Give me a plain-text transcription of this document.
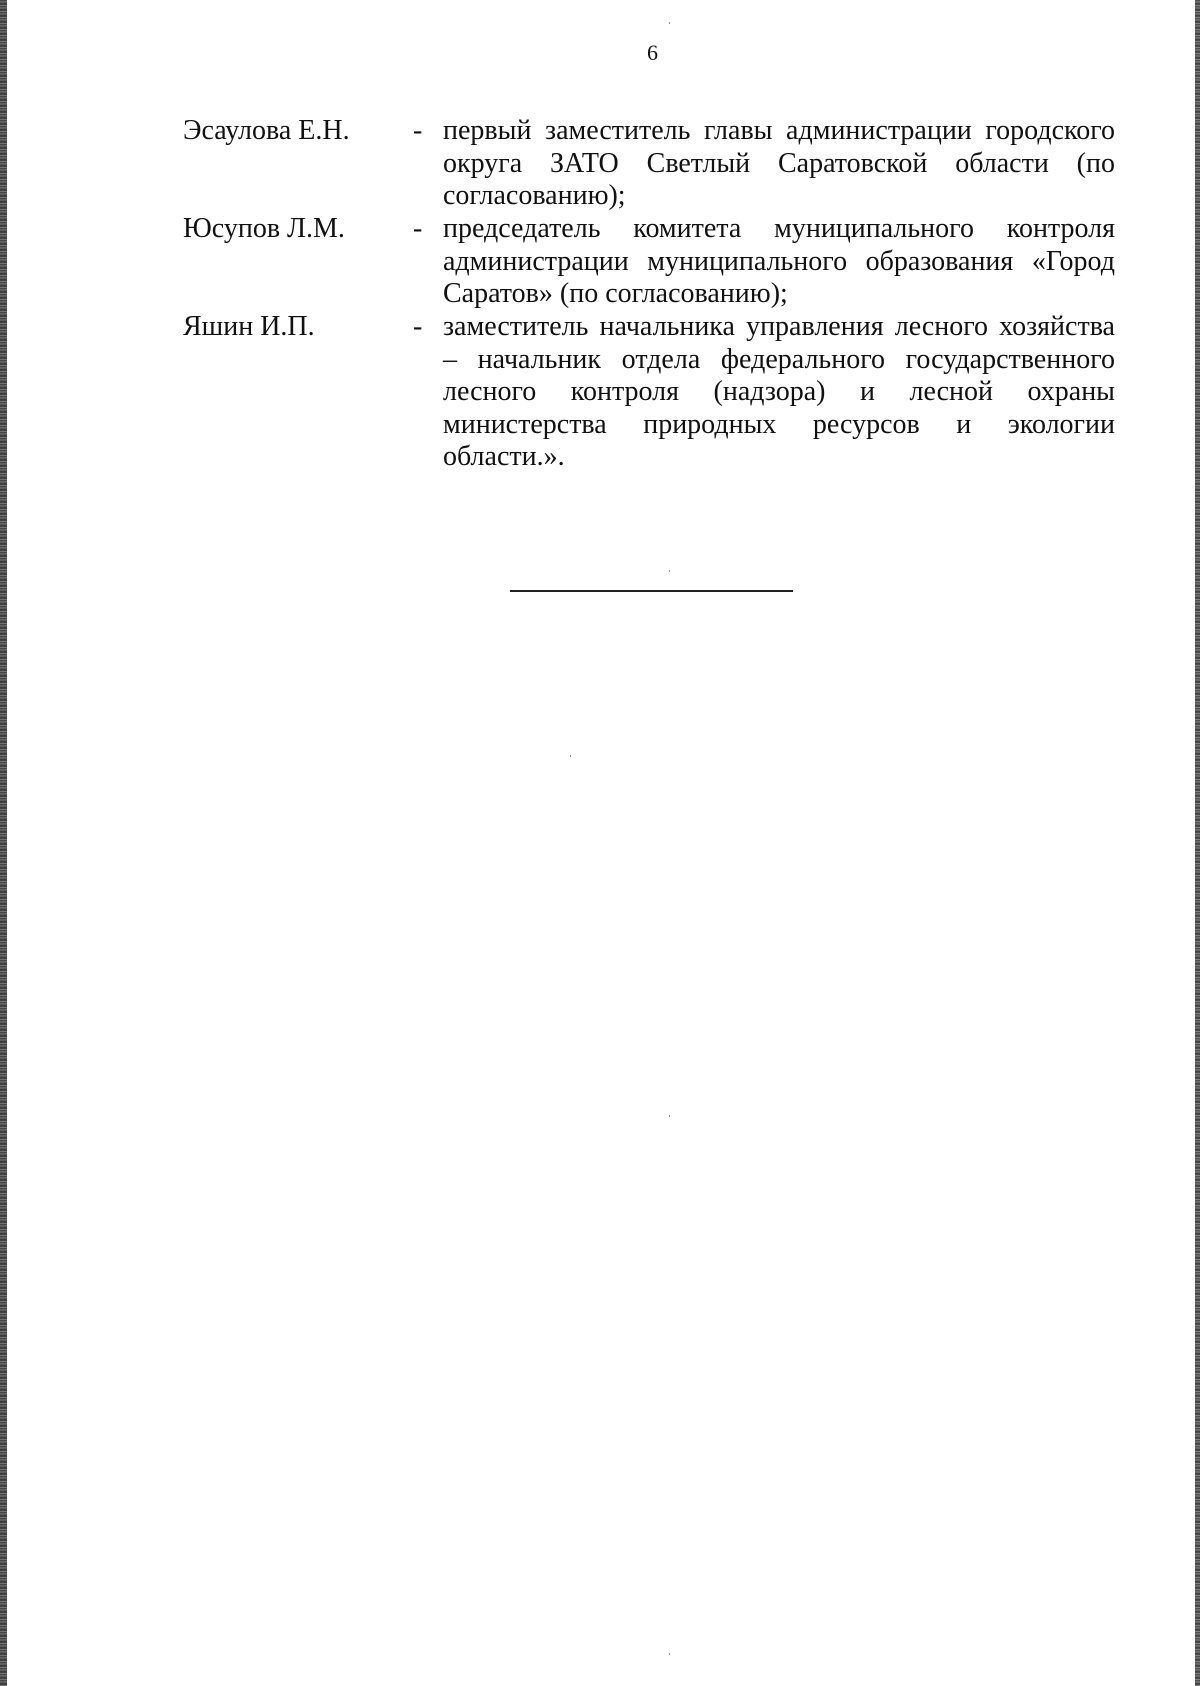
6
Эсаулова Е.Н. - первый заместитель главы администрации городского округа ЗАТО Светлый Саратовской области (по согласованию);
Юсупов Л.М. - председатель комитета муниципального контроля администрации муниципального образования «Город Саратов» (по согласованию);
Яшин И.П.	- заместитель начальника управления лесного хозяйства – начальник отдела федерального государственного лесного контроля (надзора) и лесной охраны министерства природных ресурсов и экологии области.».
